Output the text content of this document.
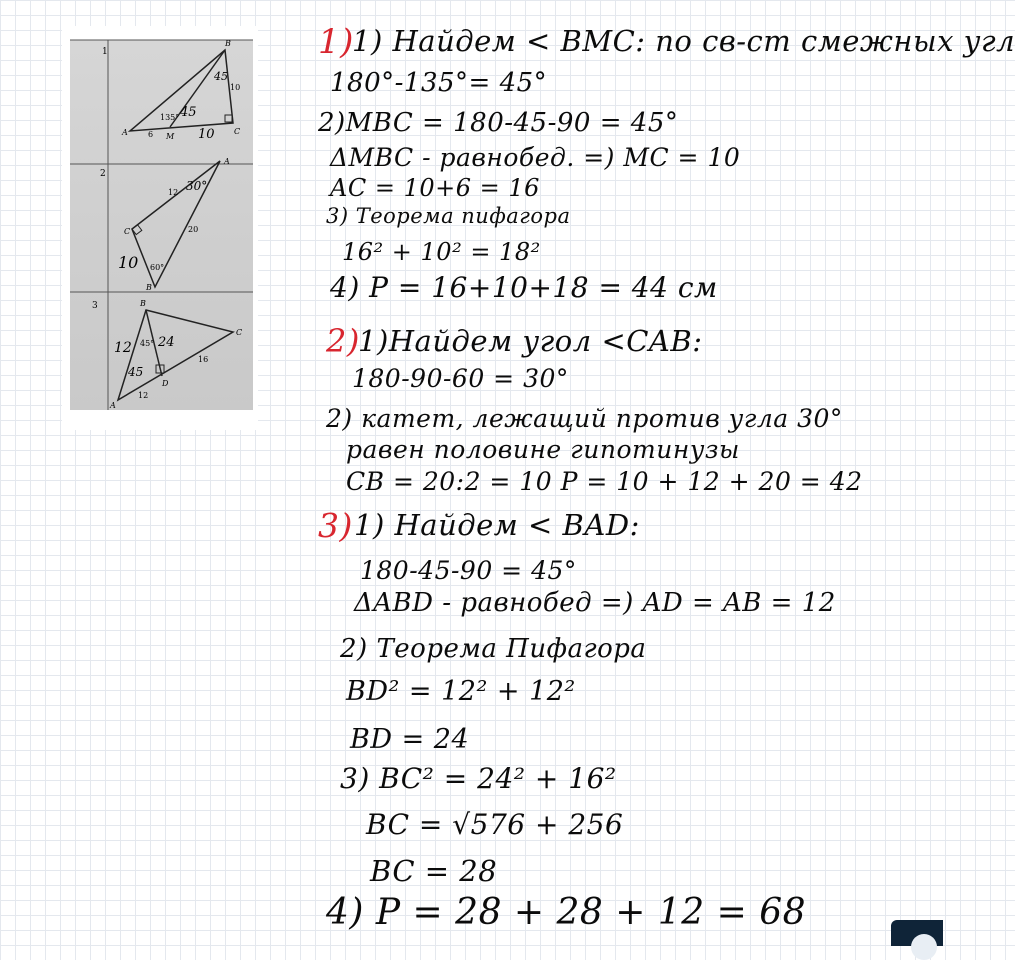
1
2
3
B
A	M
C
6
10
135°
45
45
10
A
C
B
12
20
60°
30°
10
B
C
A
D
16
12
45°
12 24
45
1)
1) Найдем < BMC: по св-ст смежных угл
180°-135°= 45°
2)MBC = 180-45-90 = 45°
ΔMBC - равнобед. =) MC = 10
AC = 10+6 = 16
3) Теорема пифагора
16² + 10² = 18²
4) P = 16+10+18 = 44 см
2)
1)Найдем угол <CAB:
180-90-60 = 30°
2) катет, лежащий против угла 30°
равен половине гипотинузы
CB = 20:2 = 10 P = 10 + 12 + 20 = 42
3) 1) Найдем < BAD:
180-45-90 = 45°
ΔABD - равнобед =) AD = AB = 12
2) Теорема Пифагора
BD² = 12² + 12²
BD = 24
3) BC² = 24² + 16²
BC = √576 + 256
BC = 28
4) P = 28 + 28 + 12 = 68
